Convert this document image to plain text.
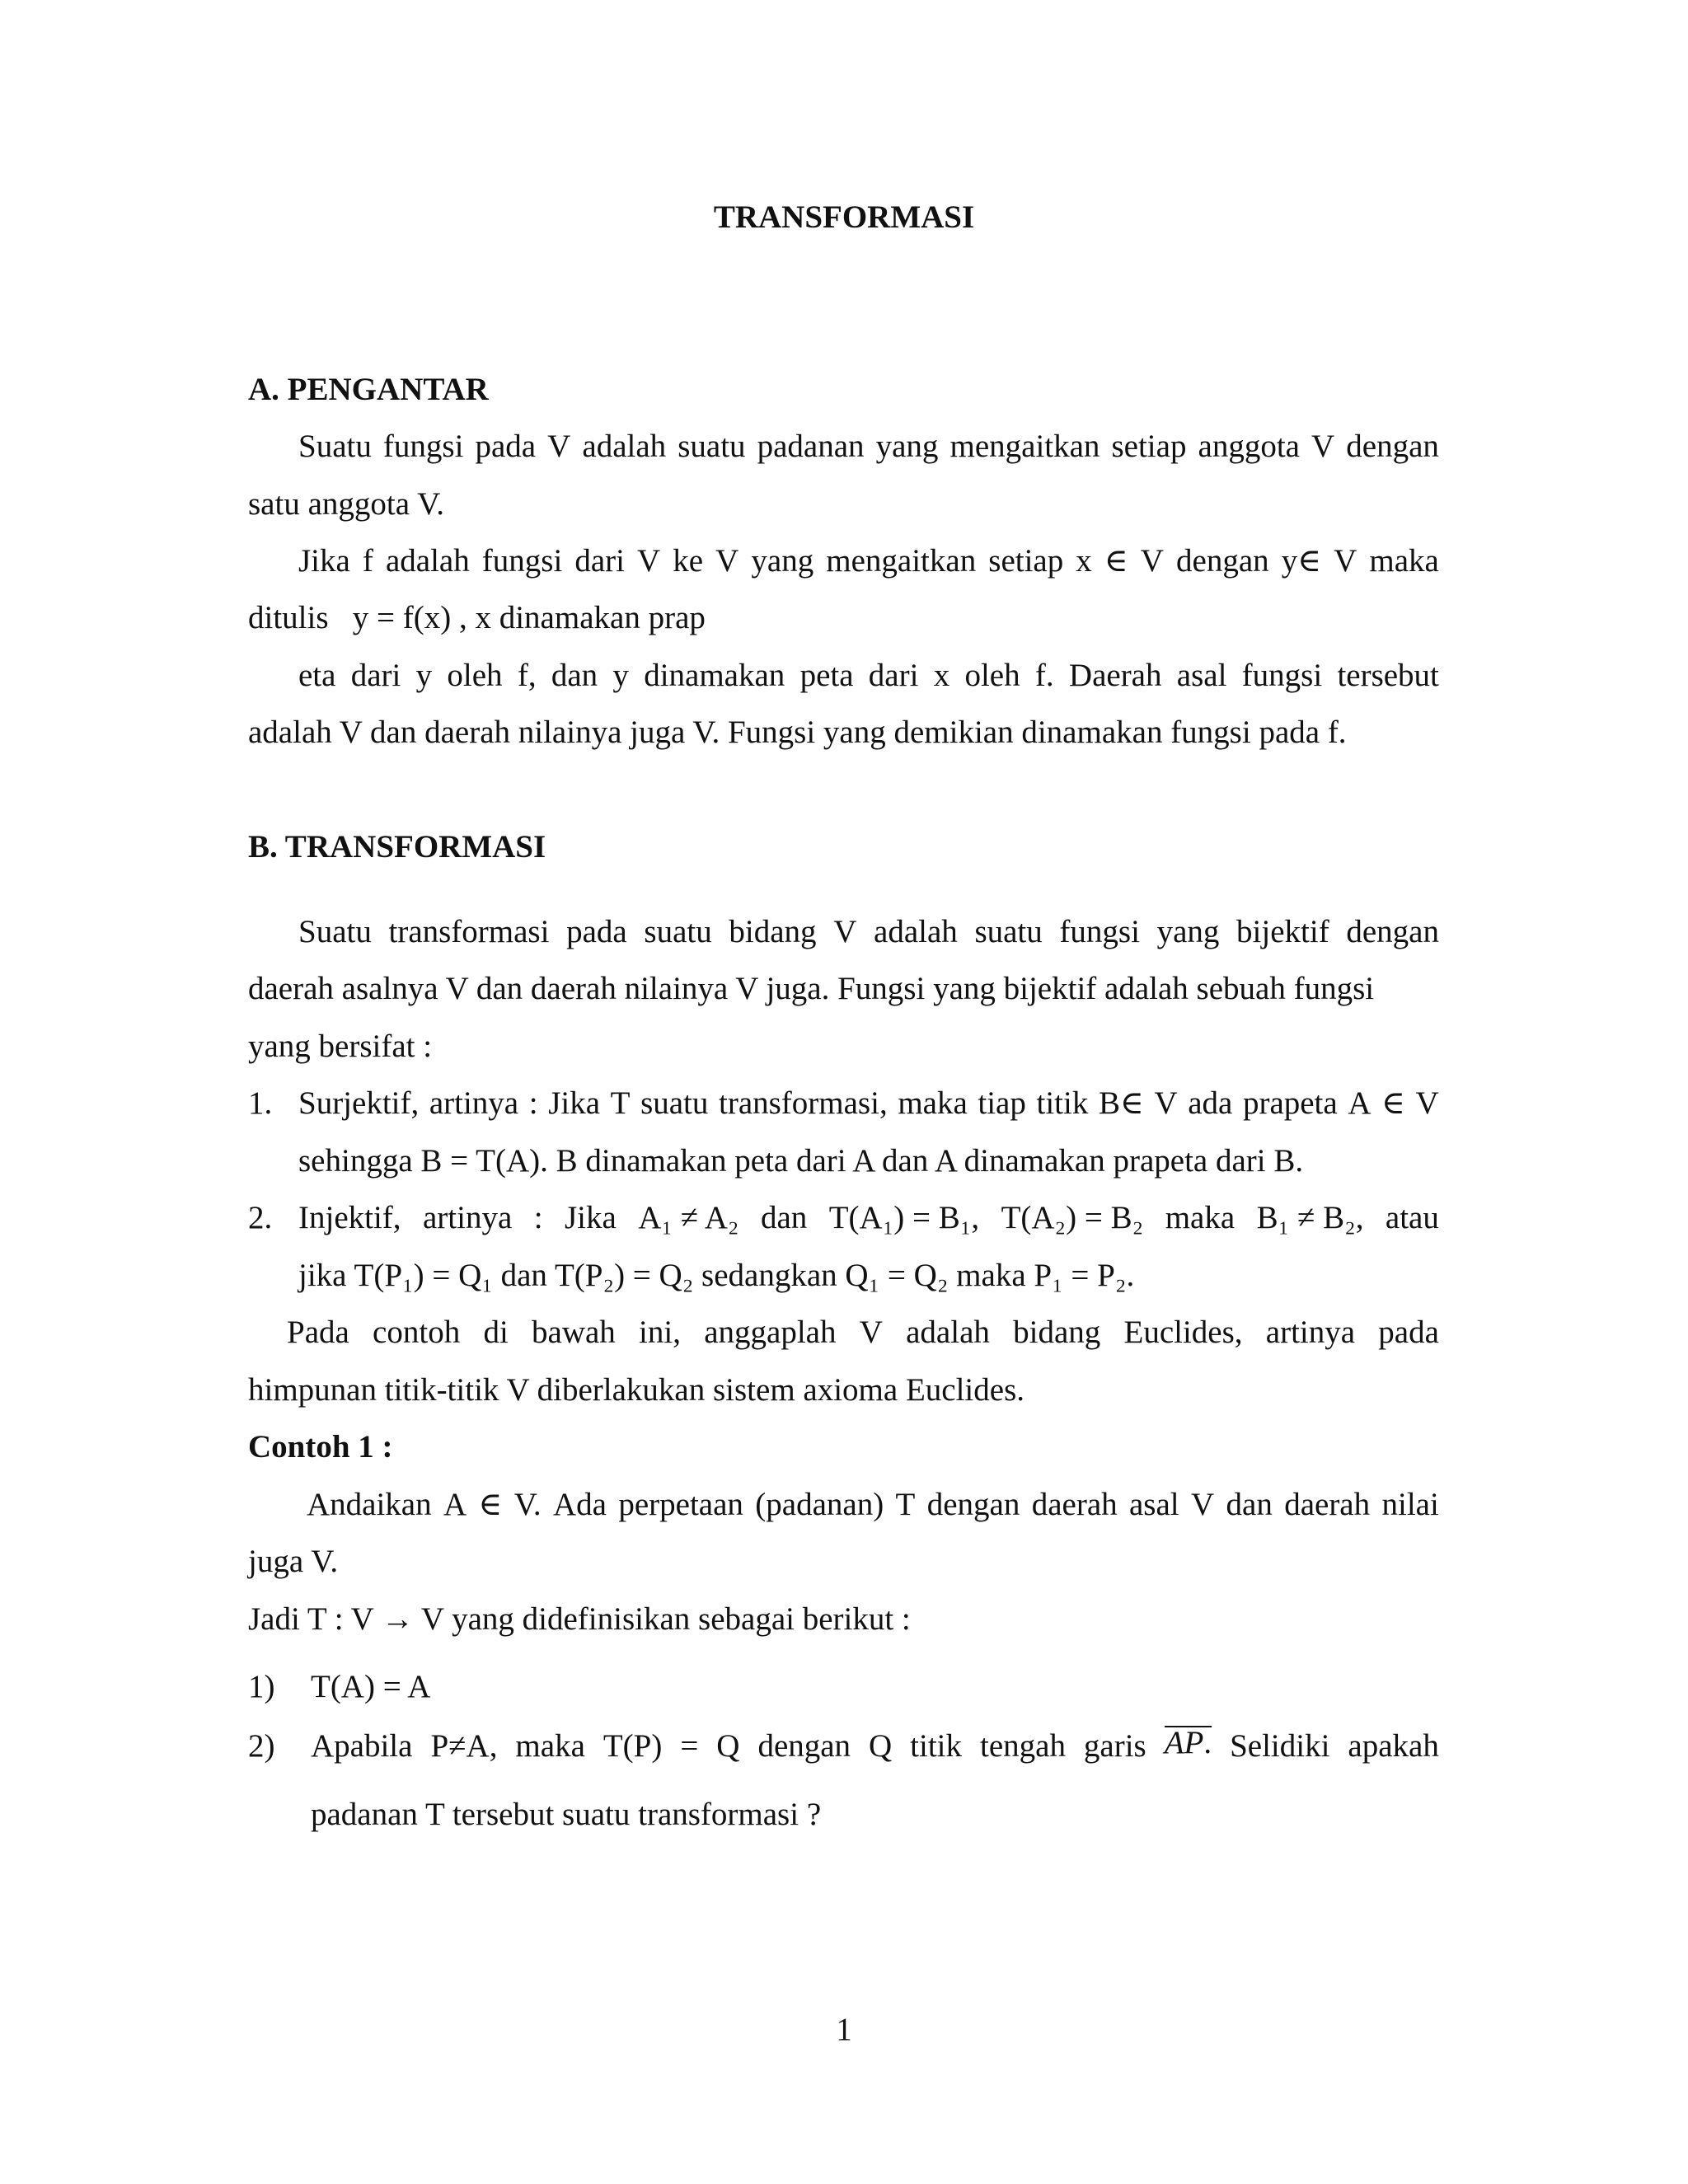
TRANSFORMASI
A. PENGANTAR
Suatu fungsi pada V adalah suatu padanan yang mengaitkan setiap anggota V dengan
satu anggota V.
Jika f adalah fungsi dari V ke V yang mengaitkan setiap x ∈ V dengan y∈ V maka
ditulis   y = f(x) , x dinamakan prap
eta dari y oleh f, dan y dinamakan peta dari x oleh f. Daerah asal fungsi tersebut
adalah V dan daerah nilainya juga V. Fungsi yang demikian dinamakan fungsi pada f.
B. TRANSFORMASI
Suatu transformasi pada suatu bidang V adalah suatu fungsi yang bijektif dengan
daerah asalnya V dan daerah nilainya V juga. Fungsi yang bijektif adalah sebuah fungsi
yang bersifat :
1. Surjektif, artinya : Jika T suatu transformasi, maka tiap titik B∈ V ada prapeta A ∈ V
sehingga B = T(A). B dinamakan peta dari A dan A dinamakan prapeta dari B.
2. Injektif, artinya : Jika A₁ ≠ A₂ dan T(A₁) = B₁, T(A₂) = B₂ maka B₁ ≠ B₂, atau
jika T(P₁) = Q₁ dan T(P₂) = Q₂ sedangkan Q₁ = Q₂ maka P₁ = P₂.
Pada contoh di bawah ini, anggaplah V adalah bidang Euclides, artinya pada
himpunan titik-titik V diberlakukan sistem axioma Euclides.
Contoh 1 :
Andaikan A ∈ V. Ada perpetaan (padanan) T dengan daerah asal V dan daerah nilai
juga V.
Jadi T : V → V yang didefinisikan sebagai berikut :
1) T(A) = A
2) Apabila P≠A, maka T(P) = Q dengan Q titik tengah garis AP. Selidiki apakah
padanan T tersebut suatu transformasi ?
1
